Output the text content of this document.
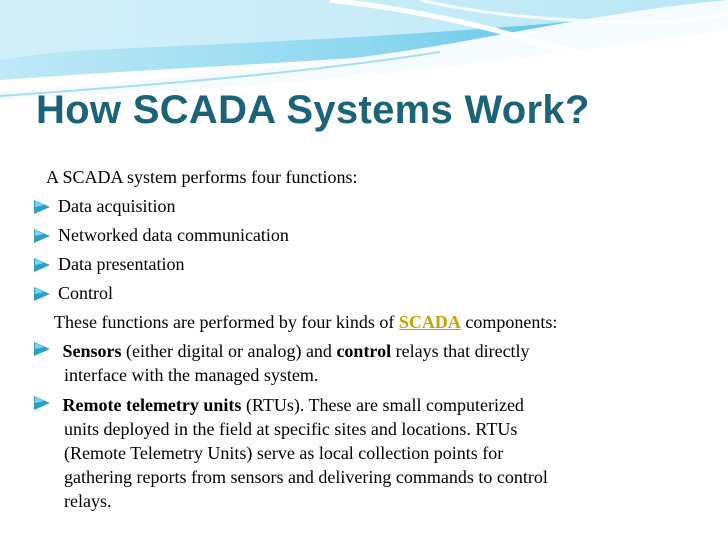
How SCADA Systems Work?
A SCADA system performs four functions:
Data acquisition
Networked data communication
Data presentation
Control
These functions are performed by four kinds of SCADA components:
Sensors (either digital or analog) and control relays that directly
interface with the managed system.
Remote telemetry units (RTUs). These are small computerized
units deployed in the field at specific sites and locations. RTUs
(Remote Telemetry Units) serve as local collection points for
gathering reports from sensors and delivering commands to control
relays.
